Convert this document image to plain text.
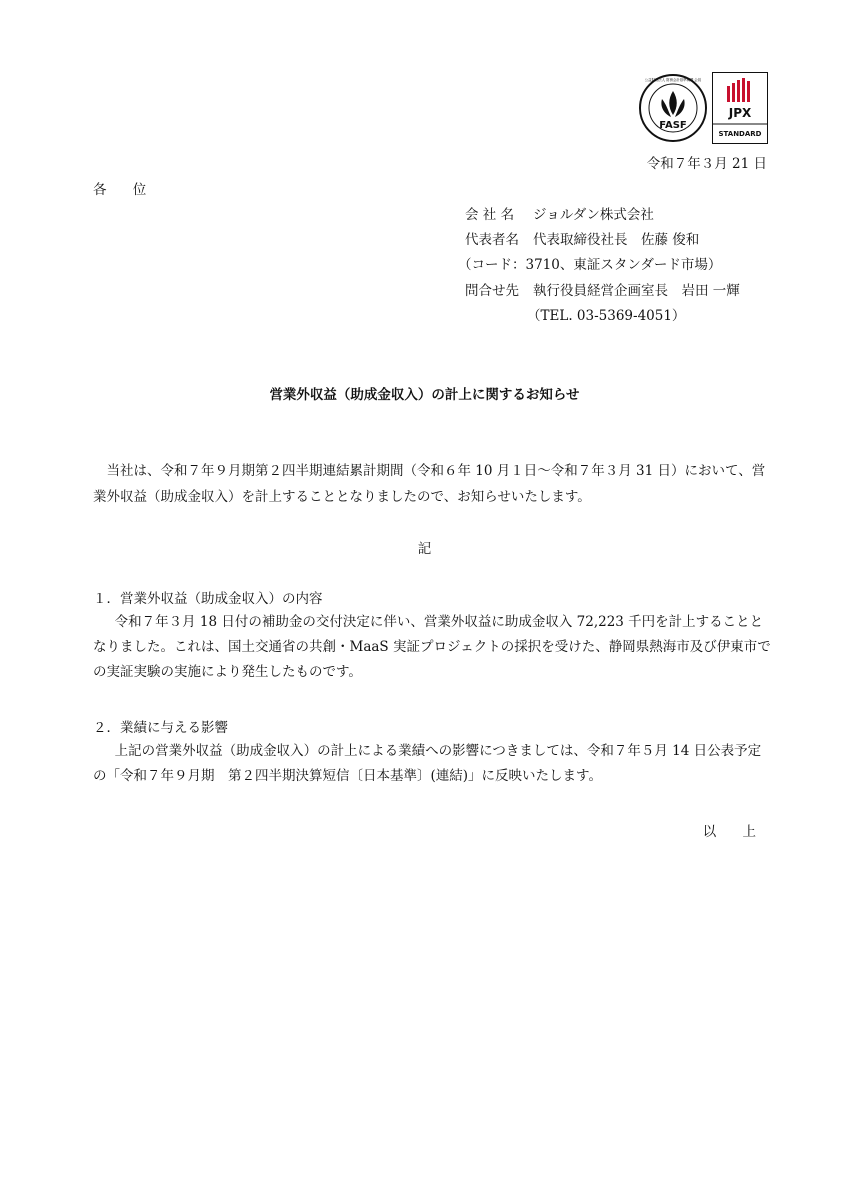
公益財団法人 財務会計基準機構 会員
FASF
JPX
STANDARD
令和７年３月 21 日
各 位
会 社 名 ジョルダン株式会社
代表者名 代表取締役社長　佐藤 俊和
（コード：3710、東証スタンダード市場）
問合せ先 執行役員経営企画室長　岩田 一輝
（TEL. 03-5369-4051）
営業外収益（助成金収入）の計上に関するお知らせ
当社は、令和７年９月期第２四半期連結累計期間（令和６年 10 月１日～令和７年３月 31 日）において、営業外収益（助成金収入）を計上することとなりましたので、お知らせいたします。
記
１．営業外収益（助成金収入）の内容
令和７年３月 18 日付の補助金の交付決定に伴い、営業外収益に助成金収入 72,223 千円を計上することとなりました。これは、国土交通省の共創・MaaS 実証プロジェクトの採択を受けた、静岡県熱海市及び伊東市での実証実験の実施により発生したものです。
２．業績に与える影響
上記の営業外収益（助成金収入）の計上による業績への影響につきましては、令和７年５月 14 日公表予定の「令和７年９月期　第２四半期決算短信〔日本基準〕(連結)」に反映いたします。
以 上
